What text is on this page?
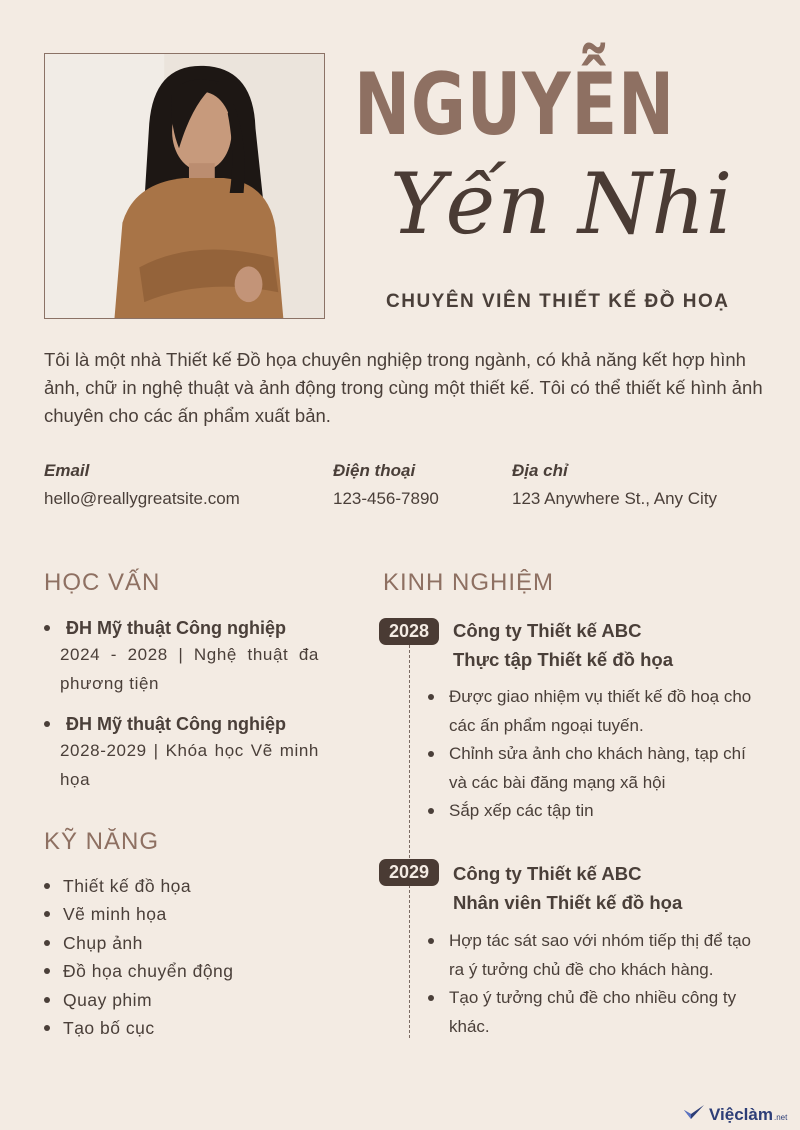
NGUYỄN
Yến Nhi
CHUYÊN VIÊN THIẾT KẾ ĐỒ HOẠ

Tôi là một nhà Thiết kế Đồ họa chuyên nghiệp trong ngành, có khả năng kết hợp hình ảnh, chữ in nghệ thuật và ảnh động trong cùng một thiết kế. Tôi có thể thiết kế hình ảnh chuyên cho các ấn phẩm xuất bản.

Email
hello@reallygreatsite.com
Điện thoại
123-456-7890
Địa chỉ
123 Anywhere St., Any City
HỌC VẤN
ĐH Mỹ thuật Công nghiệp
2024 - 2028 | Nghệ thuật đa phương tiện
ĐH Mỹ thuật Công nghiệp
2028-2029 | Khóa học Vẽ minh họa
KỸ NĂNG
Thiết kế đồ họa
Vẽ minh họa
Chụp ảnh
Đồ họa chuyển động
Quay phim
Tạo bố cục
KINH NGHIỆM
2028	Công ty Thiết kế ABC
Thực tập Thiết kế đồ họa
Được giao nhiệm vụ thiết kế đồ hoạ cho các ấn phẩm ngoại tuyến.
Chỉnh sửa ảnh cho khách hàng, tạp chí và các bài đăng mạng xã hội
Sắp xếp các tập tin
2029	Công ty Thiết kế ABC
Nhân viên Thiết kế đồ họa
Hợp tác sát sao với nhóm tiếp thị để tạo ra ý tưởng chủ đề cho khách hàng.
Tạo ý tưởng chủ đề cho nhiều công ty khác.
Việclàm .net
